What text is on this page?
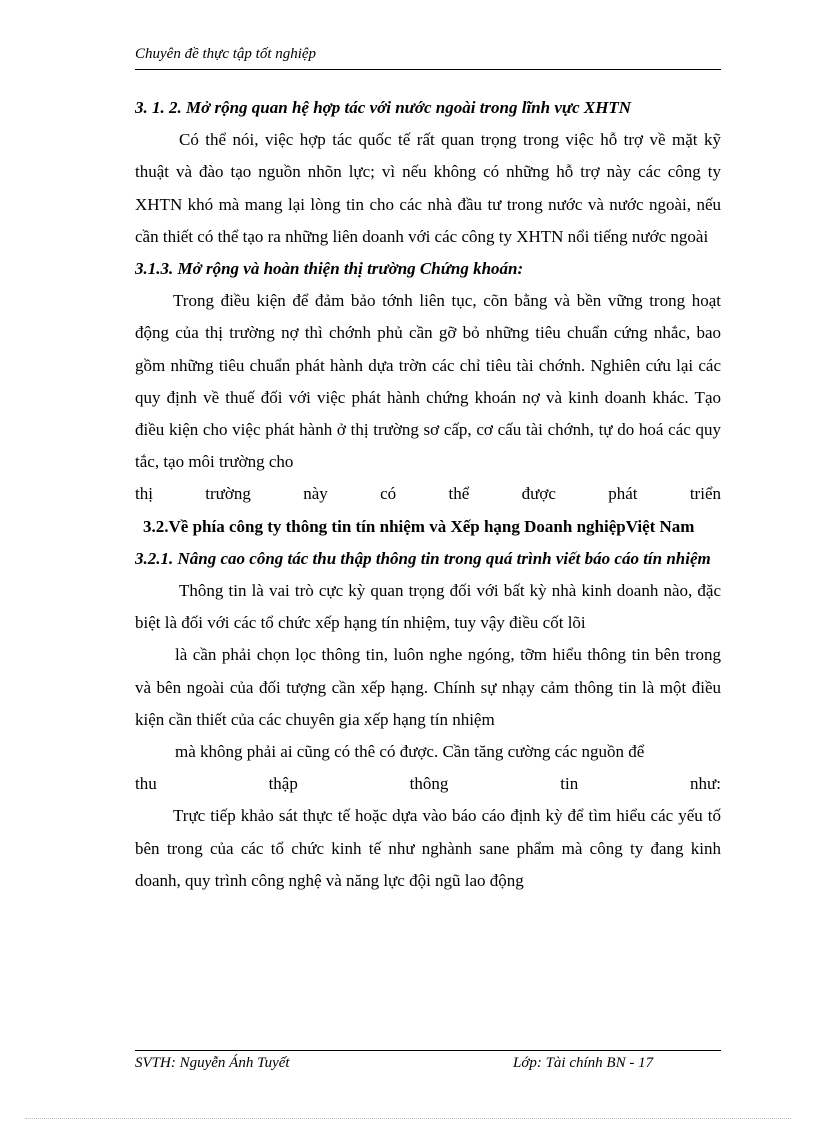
Chuyên đề thực tập tốt nghiệp

3. 1. 2. Mở rộng quan hệ hợp tác với nước ngoài trong lĩnh vực XHTN

Có thể nói, việc hợp tác quốc tế rất quan trọng trong việc hỗ trợ về mặt kỹ thuật và đào tạo nguồn nhõn lực; vì nếu không có những hỗ trợ này các công ty XHTN khó mà mang lại lòng tin cho các nhà đầu tư trong nước và nước ngoài, nếu cần thiết có thể tạo ra những liên doanh với các công ty XHTN nổi tiếng nước ngoài

3.1.3. Mở rộng và hoàn thiện thị trường Chứng khoán:

Trong điều kiện để đảm bảo tớnh liên tục, cõn bằng và bền vững trong hoạt động của thị trường nợ thì chớnh phủ cần gỡ bỏ những tiêu chuẩn cứng nhắc, bao gồm những tiêu chuẩn phát hành dựa trờn các chỉ tiêu tài chớnh. Nghiên cứu lại các quy định về thuế đối với việc phát hành chứng khoán nợ và kinh doanh khác. Tạo điều kiện cho việc phát hành ở thị trường sơ cấp, cơ cấu tài chớnh, tự do hoá các quy tắc, tạo môi trường cho

thị trường này có thể được phát triển

3.2.Về phía công ty thông tin tín nhiệm và Xếp hạng Doanh nghiệpViệt Nam

3.2.1. Nâng cao công tác thu thập thông tin trong quá trình viết báo cáo tín nhiệm

Thông tin là vai trò cực kỳ quan trọng đối với bất kỳ nhà kinh doanh nào, đặc biệt là đối với các tổ chức xếp hạng tín nhiệm, tuy vậy điều cốt lõi

là cần phải chọn lọc thông tin, luôn nghe ngóng, tỡm hiểu thông tin bên trong và bên ngoài của đối tượng cần xếp hạng. Chính sự nhạy cảm thông tin là một điều kiện cần thiết của các chuyên gia xếp hạng tín nhiệm

mà không phải ai cũng có thê có được. Cần tăng cường các nguồn để

thu thập thông tin như:

Trực tiếp khảo sát thực tế hoặc dựa vào báo cáo định kỳ để tìm hiểu các yếu tố bên trong của các tổ chức kinh tế như nghành sane phẩm mà công ty đang kinh doanh, quy trình công nghệ và năng lực đội ngũ lao động

SVTH: Nguyễn Ánh Tuyết	Lớp: Tài chính BN - 17
